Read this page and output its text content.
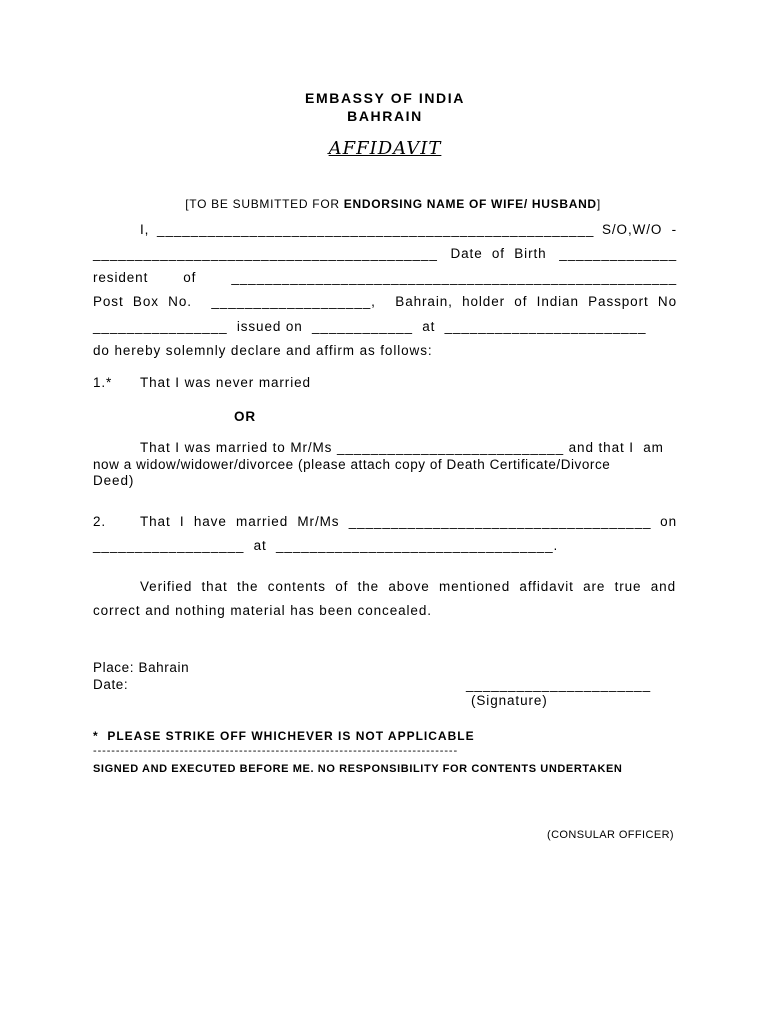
EMBASSY OF INDIA
BAHRAIN
AFFIDAVIT

[TO BE SUBMITTED FOR ENDORSING NAME OF WIFE/ HUSBAND]

I, ____________________________________________________ S/O,W/O  -
_________________________________________ Date  of  Birth ______________
resident	of	_____________________________________________________
Post  Box  No. ___________________, Bahrain,  holder  of  Indian  Passport  No
________________  issued on  ____________  at  ________________________
do hereby solemnly declare and affirm as follows:
1.* That I was never married
OR
That I was married to Mr/Ms ___________________________ and that I  am
now a widow/widower/divorcee (please attach copy of Death Certificate/Divorce
Deed)
2.	That  I  have  married  Mr/Ms  ____________________________________ on
__________________  at  _________________________________.
Verified  that  the  contents  of  the  above  mentioned  affidavit  are  true  and
correct and nothing material has been concealed.
Place: Bahrain
Date:	______________________
(Signature)
*  PLEASE STRIKE OFF WHICHEVER IS NOT APPLICABLE
--------------------------------------------------------------------------------
SIGNED AND EXECUTED BEFORE ME. NO RESPONSIBILITY FOR CONTENTS UNDERTAKEN
(CONSULAR OFFICER)
